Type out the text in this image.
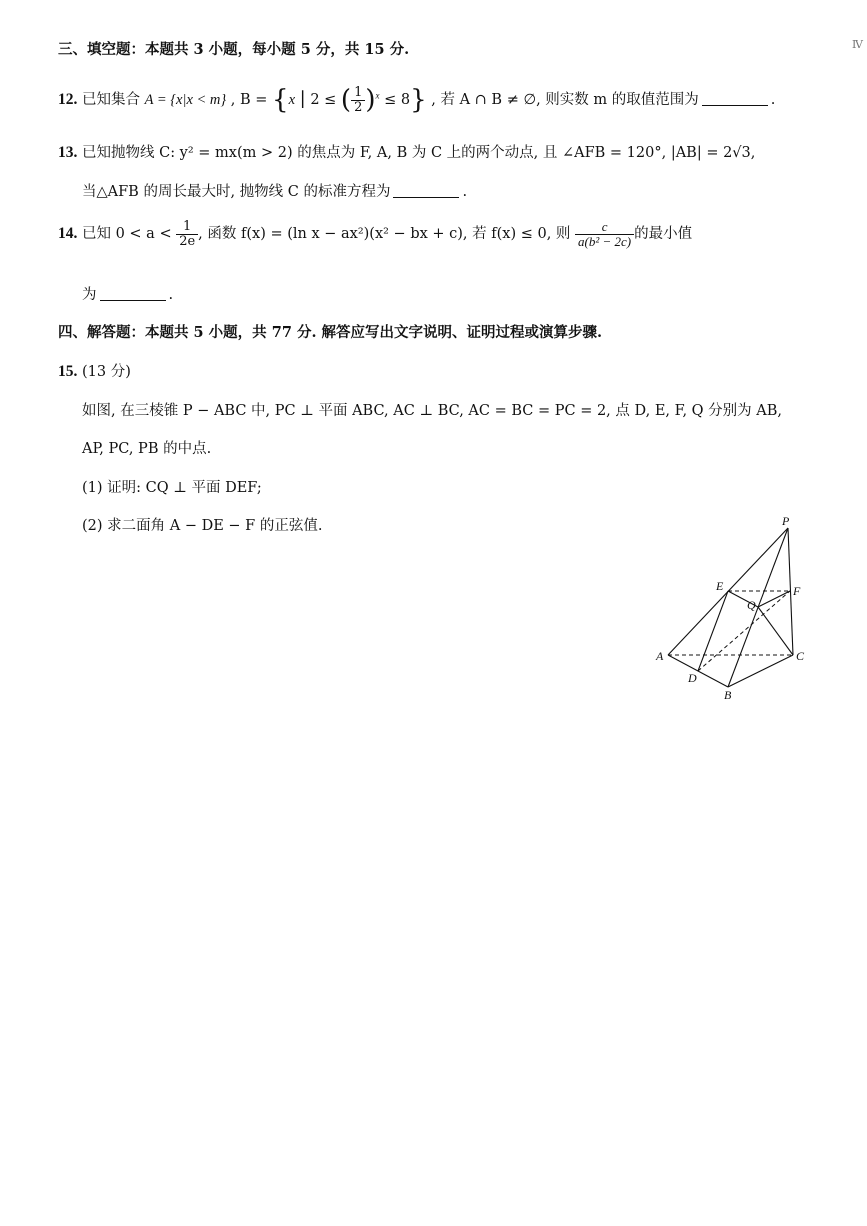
Ⅳ
三、填空题：本题共 3 小题，每小题 5 分，共 15 分.
12. 已知集合 A = {x|x < m} , B = {x | 2 ≤ ( $\frac{1}{2} )^x \le 8$} , 若 A ∩ B ≠ ∅, 则实数 m 的取值范围为	.
13. 已知抛物线 C: y² = mx(m > 2) 的焦点为 F, A, B 为 C 上的两个动点, 且 ∠AFB = 120°, |AB| = 2√3,
当△AFB 的周长最大时, 抛物线 C 的标准方程为	.
14. 已知 $0 < a < \frac{1}{2e}$ , 函数 f(x) = (ln x − ax²)(x² − bx + c), 若 f(x) ≤ 0, 则 $\frac{c}{\text{a(b² − 2c)}}$ 的最小值
为	.
四、解答题：本题共 5 小题，共 77 分. 解答应写出文字说明、证明过程或演算步骤.
15. (13 分)
如图, 在三棱锥 P − ABC 中, PC ⊥ 平面 ABC, AC ⊥ BC, AC = BC = PC = 2, 点 D, E, F, Q 分别为 AB,
AP, PC, PB 的中点.
(1) 证明: CQ ⊥ 平面 DEF;
(2) 求二面角 A − DE − F 的正弦值.	P
E	F
Q
A	C
D
B
